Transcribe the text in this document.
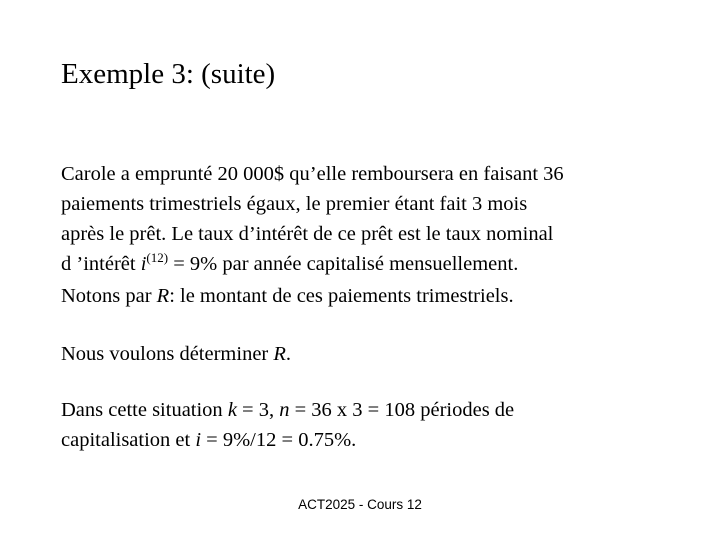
Exemple 3: (suite)

Carole a emprunté 20 000$ qu’elle remboursera en faisant 36
paiements trimestriels égaux, le premier étant fait 3 mois
après le prêt. Le taux d’intérêt de ce prêt est le taux nominal
d ’intérêt $i^{(12)} = 9\%$ par année capitalisé mensuellement.
Notons par R: le montant de ces paiements trimestriels.

Nous voulons déterminer R.

Dans cette situation k = 3, n = 36 x 3 = 108 périodes de
capitalisation et i = 9%/12 = 0.75%.

ACT2025 - Cours 12
